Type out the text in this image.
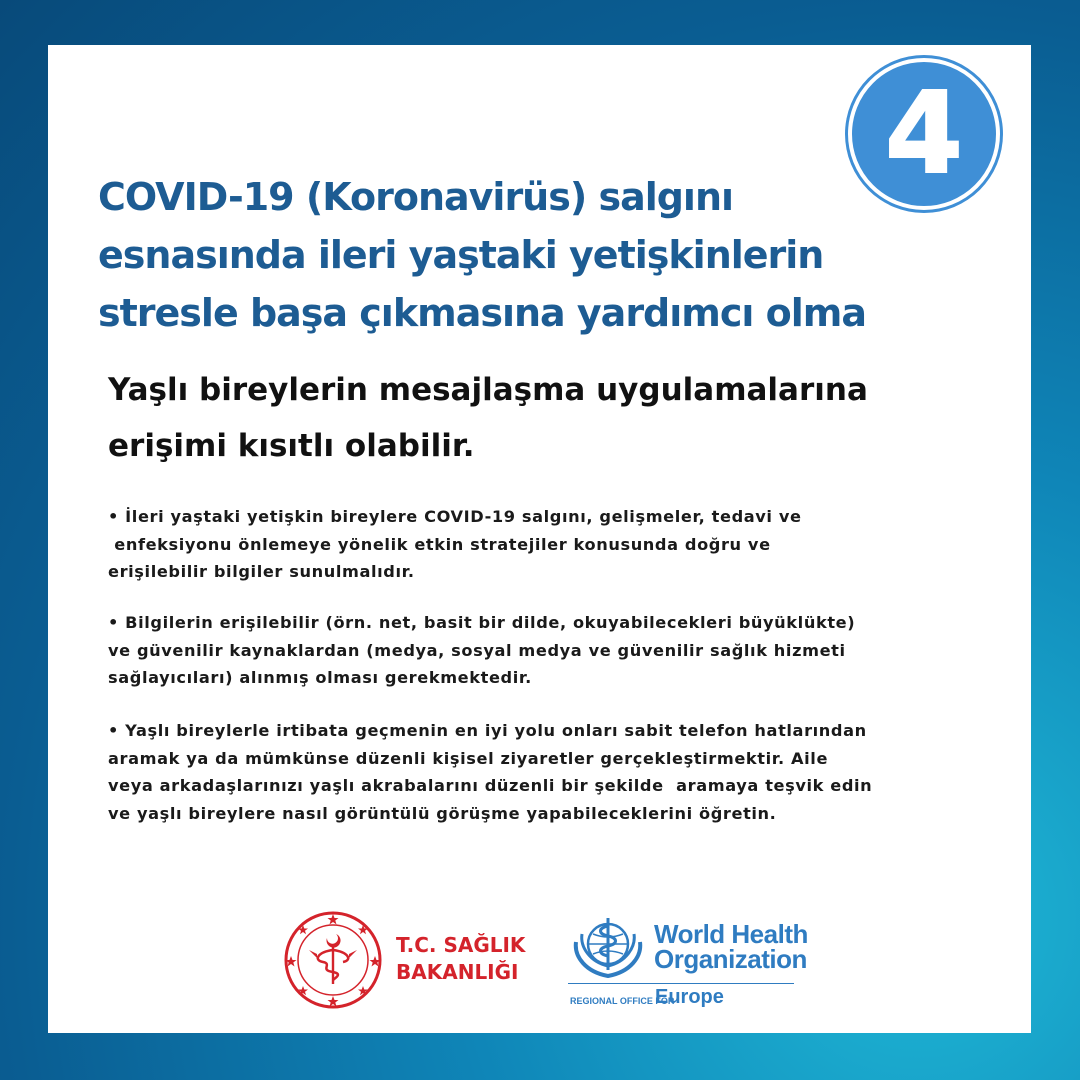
4
COVID-19 (Koronavirüs) salgını
esnasında ileri yaştaki yetişkinlerin
stresle başa çıkmasına yardımcı olma
Yaşlı bireylerin mesajlaşma uygulamalarına
erişimi kısıtlı olabilir.
• İleri yaştaki yetişkin bireylere COVID-19 salgını, gelişmeler, tedavi ve
enfeksiyonu önlemeye yönelik etkin stratejiler konusunda doğru ve
erişilebilir bilgiler sunulmalıdır.
• Bilgilerin erişilebilir (örn. net, basit bir dilde, okuyabilecekleri büyüklükte)
ve güvenilir kaynaklardan (medya, sosyal medya ve güvenilir sağlık hizmeti
sağlayıcıları) alınmış olması gerekmektedir.
• Yaşlı bireylerle irtibata geçmenin en iyi yolu onları sabit telefon hatlarından
aramak ya da mümkünse düzenli kişisel ziyaretler gerçekleştirmektir. Aile
veya arkadaşlarınızı yaşlı akrabalarını düzenli bir şekilde  aramaya teşvik edin
ve yaşlı bireylere nasıl görüntülü görüşme yapabileceklerini öğretin.
T.C. SAĞLIK
BAKANLIĞI
World Health
Organization
REGIONAL OFFICE FOR
Europe
